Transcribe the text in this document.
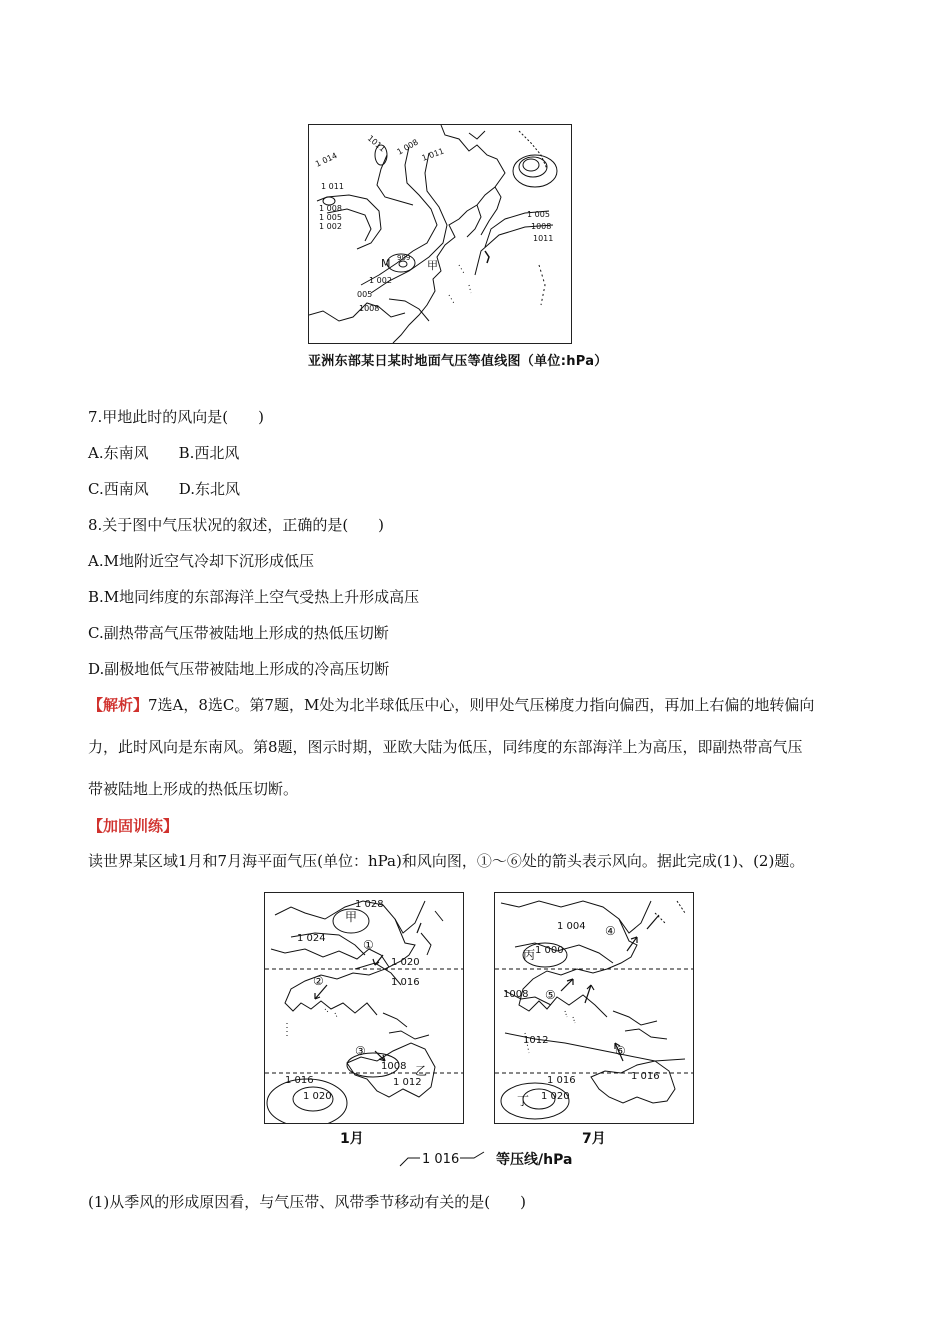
M	甲
999
1 002
005
1008
1 011
1 014
1011
1 008
1 005
1 002
1 008 1 011
1 005
1008
1011
亚洲东部某日某时地面气压等值线图（单位:hPa）
7.甲地此时的风向是(　　)
A.东南风　　B.西北风
C.西南风　　D.东北风
8.关于图中气压状况的叙述，正确的是(　　)
A.M地附近空气冷却下沉形成低压
B.M地同纬度的东部海洋上空气受热上升形成高压
C.副热带高气压带被陆地上形成的热低压切断
D.副极地低气压带被陆地上形成的冷高压切断
【解析】7选A，8选C。第7题，M处为北半球低压中心，则甲处气压梯度力指向偏西，再加上右偏的地转偏向
力，此时风向是东南风。第8题，图示时期，亚欧大陆为低压，同纬度的东部海洋上为高压，即副热带高气压
带被陆地上形成的热低压切断。
【加固训练】
读世界某区域1月和7月海平面气压(单位：hPa)和风向图，①～⑥处的箭头表示风向。据此完成(1)、(2)题。
1 028
甲
1 024	①
1 020
1 016
②
③
1008 乙
1 012
1 016
1 020
1月
1 004 ④
丙 1 000
1008 ⑤
1012
⑥
1 016	1 016
丁 1 020
7月
1 016	等压线/hPa
(1)从季风的形成原因看，与气压带、风带季节移动有关的是(　　)
